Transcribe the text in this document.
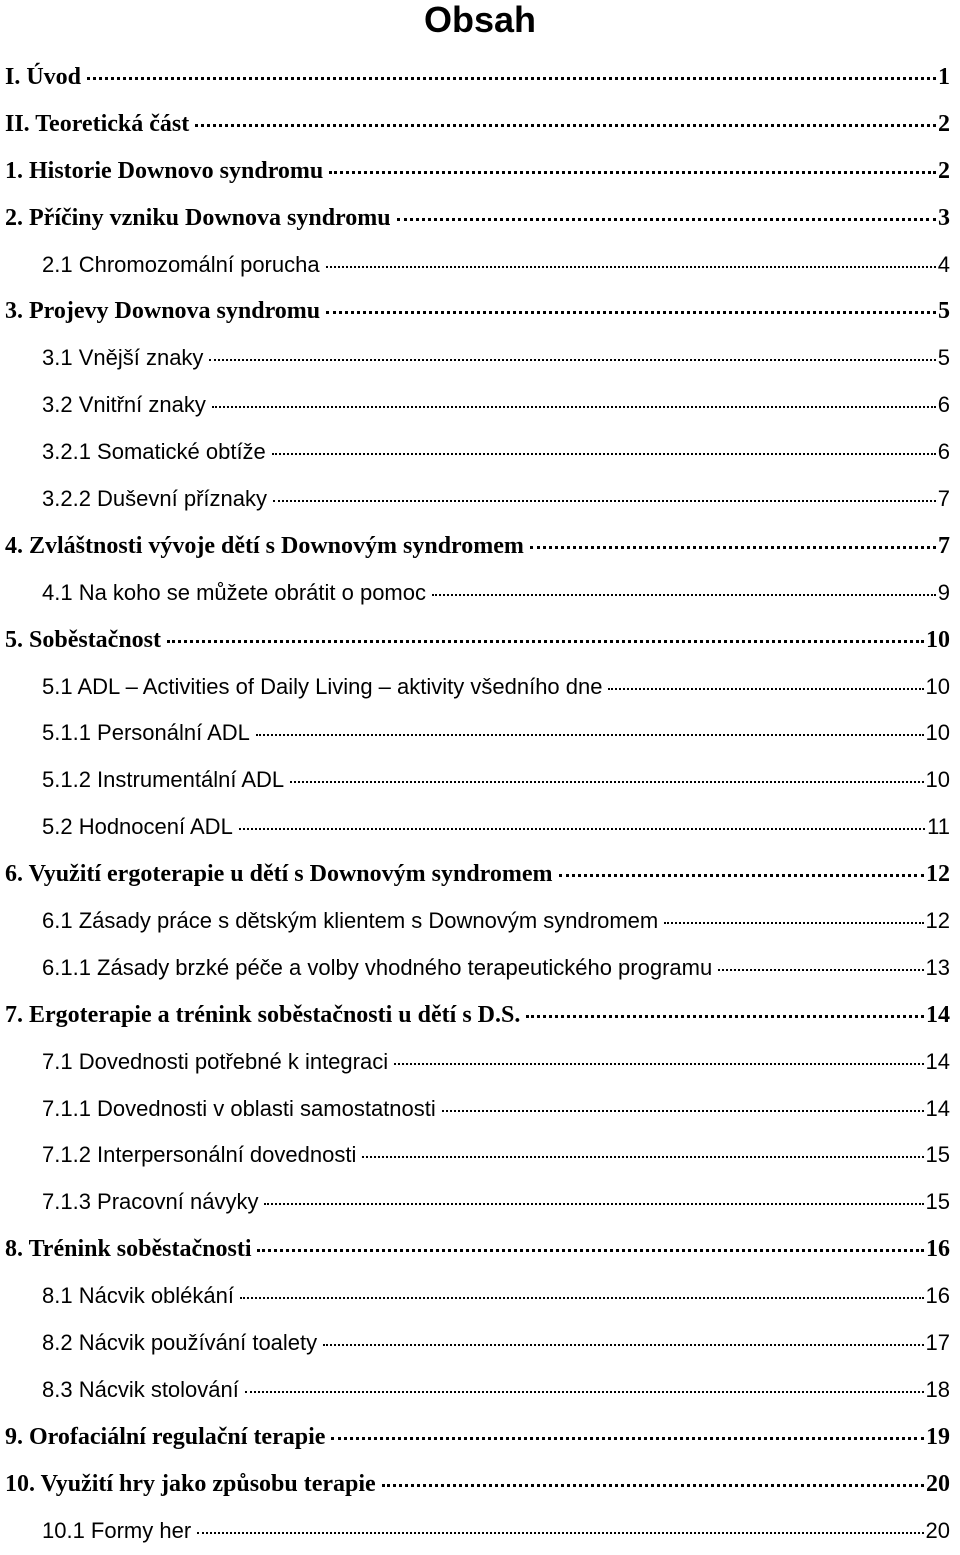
Obsah
I. Úvod	1
II. Teoretická část	2
1. Historie Downovo syndromu	2
2. Příčiny vzniku Downova syndromu	3
2.1 Chromozomální porucha	4
3. Projevy Downova syndromu	5
3.1 Vnější znaky	5
3.2 Vnitřní znaky	6
3.2.1 Somatické obtíže	6
3.2.2 Duševní příznaky	7
4. Zvláštnosti vývoje dětí s Downovým syndromem	7
4.1 Na koho se můžete obrátit o pomoc	9
5. Soběstačnost	10
5.1 ADL – Activities of Daily Living – aktivity všedního dne	10
5.1.1 Personální ADL	10
5.1.2 Instrumentální ADL	10
5.2 Hodnocení ADL	11
6. Využití ergoterapie u dětí s Downovým syndromem	12
6.1 Zásady práce s dětským klientem s Downovým syndromem	12
6.1.1 Zásady brzké péče a volby vhodného terapeutického programu	13
7. Ergoterapie a trénink soběstačnosti u dětí s D.S.	14
7.1 Dovednosti potřebné k integraci	14
7.1.1 Dovednosti v oblasti samostatnosti	14
7.1.2 Interpersonální dovednosti	15
7.1.3 Pracovní návyky	15
8. Trénink soběstačnosti	16
8.1 Nácvik oblékání	16
8.2 Nácvik používání toalety	17
8.3 Nácvik stolování	18
9. Orofaciální regulační terapie	19
10. Využití hry jako způsobu terapie	20
10.1 Formy her	20
